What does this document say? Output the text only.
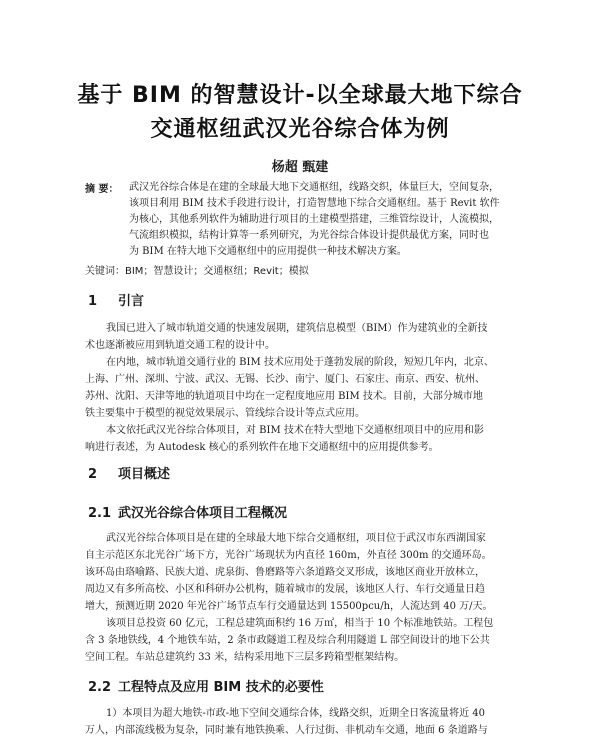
基于 BIM 的智慧设计-以全球最大地下综合
交通枢纽武汉光谷综合体为例
杨超 甄建
摘 要： 武汉光谷综合体是在建的全球最大地下交通枢纽，线路交织，体量巨大，空间复杂，
该项目利用 BIM 技术手段进行设计，打造智慧地下综合交通枢纽。基于 Revit 软件
为核心，其他系列软件为辅助进行项目的土建模型搭建，三维管综设计，人流模拟，
气流组织模拟，结构计算等一系列研究，为光谷综合体设计提供最优方案，同时也
为 BIM 在特大地下交通枢纽中的应用提供一种技术解决方案。
关键词：BIM；智慧设计；交通枢纽；Revit；模拟
1 引言
我国已进入了城市轨道交通的快速发展期，建筑信息模型（BIM）作为建筑业的全新技
术也逐渐被应用到轨道交通工程的设计中。
在内地，城市轨道交通行业的 BIM 技术应用处于蓬勃发展的阶段，短短几年内，北京、
上海、广州、深圳、宁波、武汉、无锡、长沙、南宁、厦门、石家庄、南京、西安、杭州、
苏州、沈阳、天津等地的轨道项目中均在一定程度地应用 BIM 技术。目前，大部分城市地
铁主要集中于模型的视觉效果展示、管线综合设计等点式应用。
本文依托武汉光谷综合体项目，对 BIM 技术在特大型地下交通枢纽项目中的应用和影
响进行表述，为 Autodesk 核心的系列软件在地下交通枢纽中的应用提供参考。
2 项目概述
2.1 武汉光谷综合体项目工程概况
武汉光谷综合体项目是在建的全球最大地下综合交通枢纽，项目位于武汉市东西湖国家
自主示范区东北光谷广场下方，光谷广场现状为内直径 160m，外直径 300m 的交通环岛。
该环岛由珞喻路、民族大道、虎泉街、鲁磨路等六条道路交叉形成，该地区商业开放林立，
周边又有多所高校、小区和科研办公机构，随着城市的发展，该地区人行、车行交通量日趋
增大，预测近期 2020 年光谷广场节点车行交通量达到 15500pcu/h，人流达到 40 万/天。
该项目总投资 60 亿元，工程总建筑面积约 16 万㎡，相当于 10 个标准地铁站。工程包
含 3 条地铁线，4 个地铁车站，2 条市政隧道工程及综合利用隧道 L 部空间设计的地下公共
空间工程。车站总建筑约 33 米，结构采用地下三层多跨箱型框架结构。
2.2 工程特点及应用 BIM 技术的必要性
1）本项目为超大地铁-市政-地下空间交通综合体，线路交织，近期全日客流量将近 40
万人，内部流线极为复杂，同时兼有地铁换乘、人行过街、非机动车交通，地面 6 条道路与
